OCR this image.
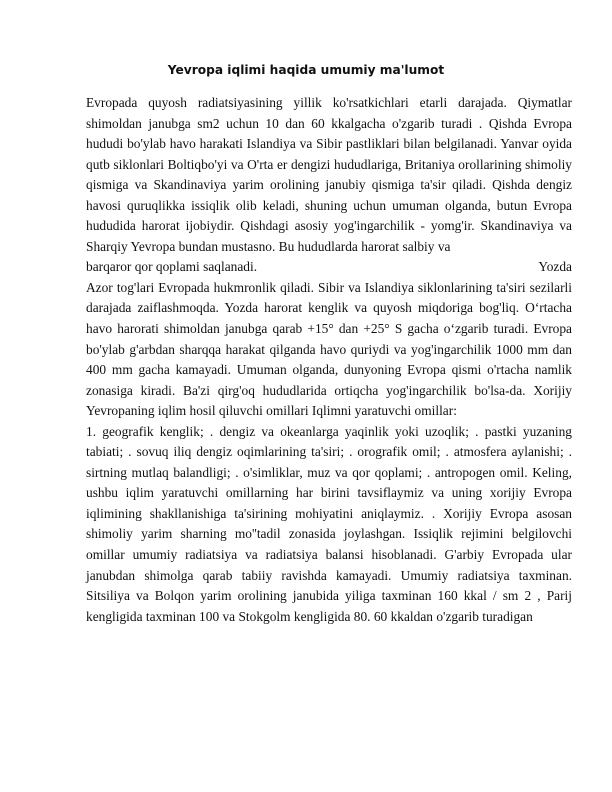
Yevropa iqlimi haqida umumiy ma'lumot

Evropada quyosh radiatsiyasining yillik ko'rsatkichlari etarli darajada. Qiymatlar shimoldan janubga sm2 uchun 10 dan 60 kkalgacha o'zgarib turadi . Qishda Evropa hududi bo'ylab havo harakati Islandiya va Sibir pastliklari bilan belgilanadi. Yanvar oyida qutb siklonlari Boltiqbo'yi va O'rta er dengizi hududlariga, Britaniya orollarining shimoliy qismiga va Skandinaviya yarim orolining janubiy qismiga ta'sir qiladi. Qishda dengiz havosi quruqlikka issiqlik olib keladi, shuning uchun umuman olganda, butun Evropa hududida harorat ijobiydir. Qishdagi asosiy yog'ingarchilik - yomg'ir. Skandinaviya va Sharqiy Yevropa bundan mustasno. Bu hududlarda harorat salbiy va

barqaror qor qoplami saqlanadi.	Yozda

Azor tog'lari Evropada hukmronlik qiladi. Sibir va Islandiya siklonlarining ta'siri sezilarli darajada zaiflashmoqda. Yozda harorat kenglik va quyosh miqdoriga bog'liq. O‘rtacha havo harorati shimoldan janubga qarab +15° dan +25° S gacha o‘zgarib turadi. Evropa bo'ylab g'arbdan sharqqa harakat qilganda havo quriydi va yog'ingarchilik 1000 mm dan 400 mm gacha kamayadi. Umuman olganda, dunyoning Evropa qismi o'rtacha namlik zonasiga kiradi. Ba'zi qirg'oq hududlarida ortiqcha yog'ingarchilik bo'lsa-da. Xorijiy Yevropaning iqlim hosil qiluvchi omillari Iqlimni yaratuvchi omillar:

1. geografik kenglik; . dengiz va okeanlarga yaqinlik yoki uzoqlik; . pastki yuzaning tabiati; . sovuq iliq dengiz oqimlarining ta'siri; . orografik omil; . atmosfera aylanishi; . sirtning mutlaq balandligi; . o'simliklar, muz va qor qoplami; . antropogen omil. Keling, ushbu iqlim yaratuvchi omillarning har birini tavsiflaymiz va uning xorijiy Evropa iqlimining shakllanishiga ta'sirining mohiyatini aniqlaymiz. . Xorijiy Evropa asosan shimoliy yarim sharning mo''tadil zonasida joylashgan. Issiqlik rejimini belgilovchi omillar umumiy radiatsiya va radiatsiya balansi hisoblanadi. G'arbiy Evropada ular janubdan shimolga qarab tabiiy ravishda kamayadi. Umumiy radiatsiya taxminan. Sitsiliya va Bolqon yarim orolining janubida yiliga taxminan 160 kkal / sm 2 , Parij kengligida taxminan 100 va Stokgolm kengligida 80. 60 kkaldan o'zgarib turadigan
